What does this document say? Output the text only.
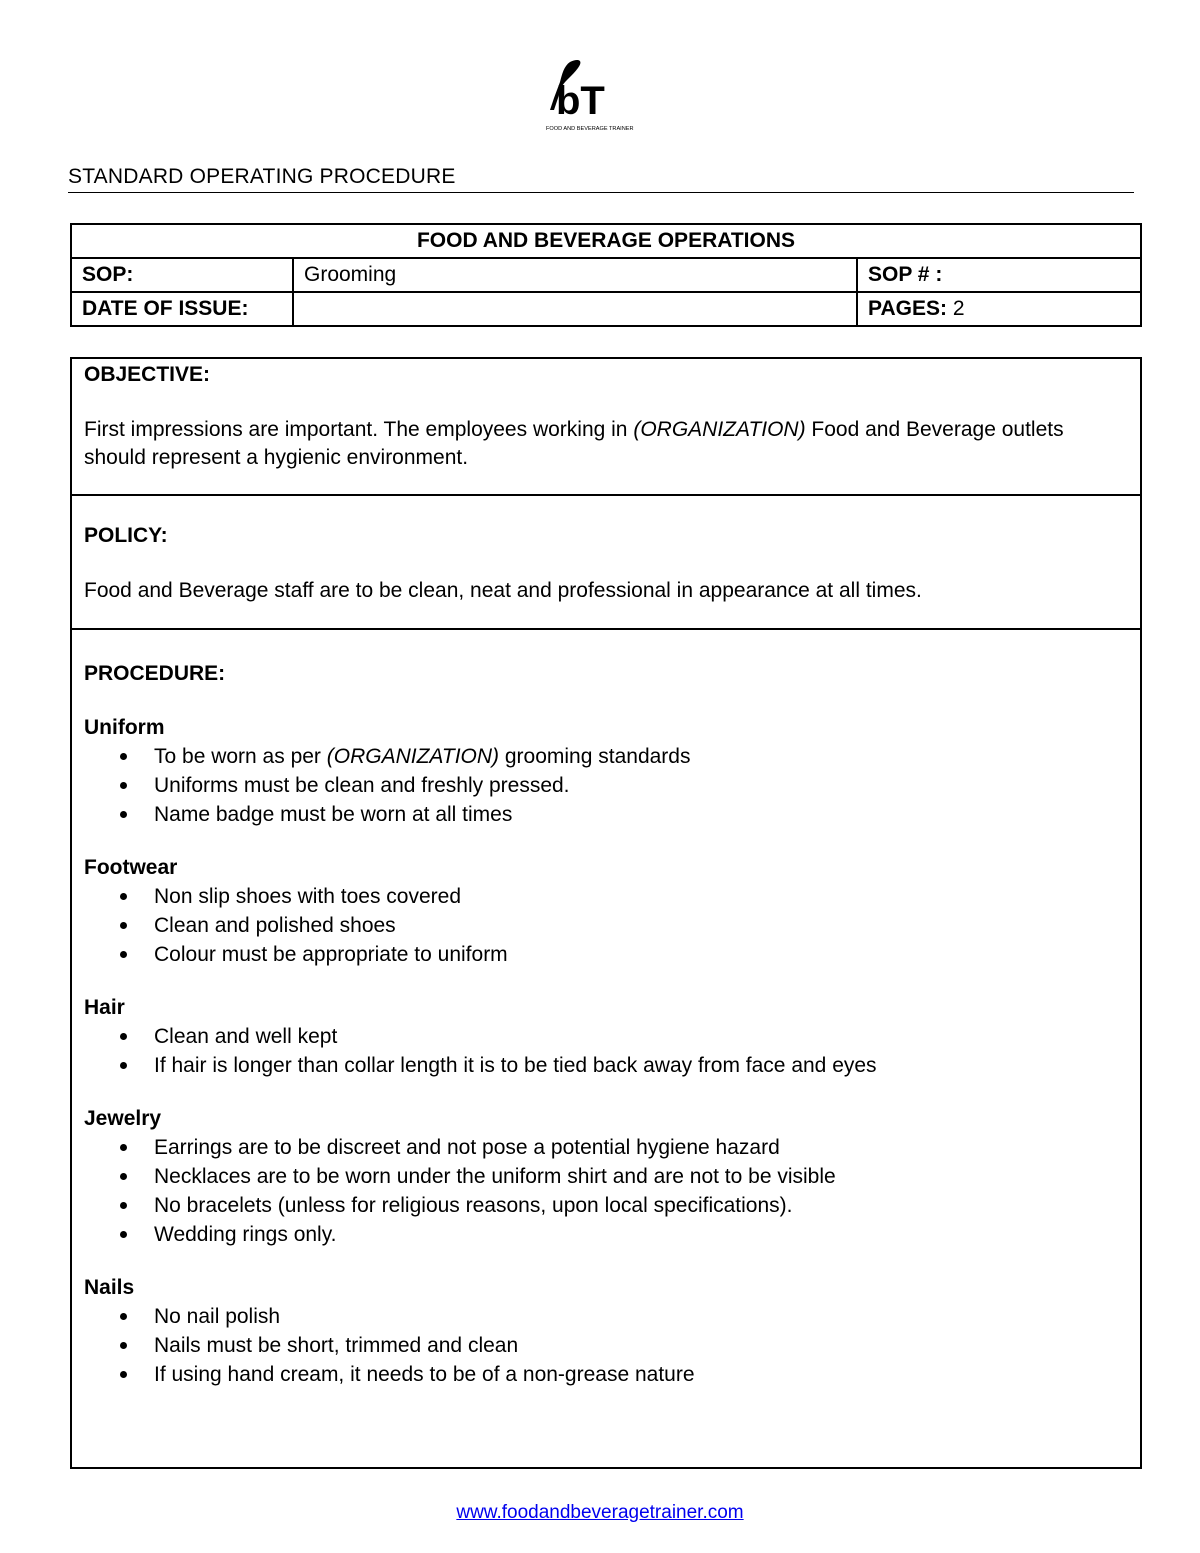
bT
FOOD AND BEVERAGE TRAINER
STANDARD OPERATING PROCEDURE
FOOD AND BEVERAGE OPERATIONS		
SOP:	Grooming	SOP # :
DATE OF ISSUE:		PAGES: 2
OBJECTIVE:

First impressions are important. The employees working in (ORGANIZATION) Food and Beverage outlets should represent a hygienic environment.

POLICY:

Food and Beverage staff are to be clean, neat and professional in appearance at all times.

PROCEDURE:
Uniform
To be worn as per (ORGANIZATION) grooming standards
Uniforms must be clean and freshly pressed.
Name badge must be worn at all times
Footwear
Non slip shoes with toes covered
Clean and polished shoes
Colour must be appropriate to uniform
Hair
Clean and well kept
If hair is longer than collar length it is to be tied back away from face and eyes
Jewelry
Earrings are to be discreet and not pose a potential hygiene hazard
Necklaces are to be worn under the uniform shirt and are not to be visible
No bracelets (unless for religious reasons, upon local specifications).
Wedding rings only.
Nails
No nail polish
Nails must be short, trimmed and clean
If using hand cream, it needs to be of a non-grease nature
www.foodandbeveragetrainer.com
